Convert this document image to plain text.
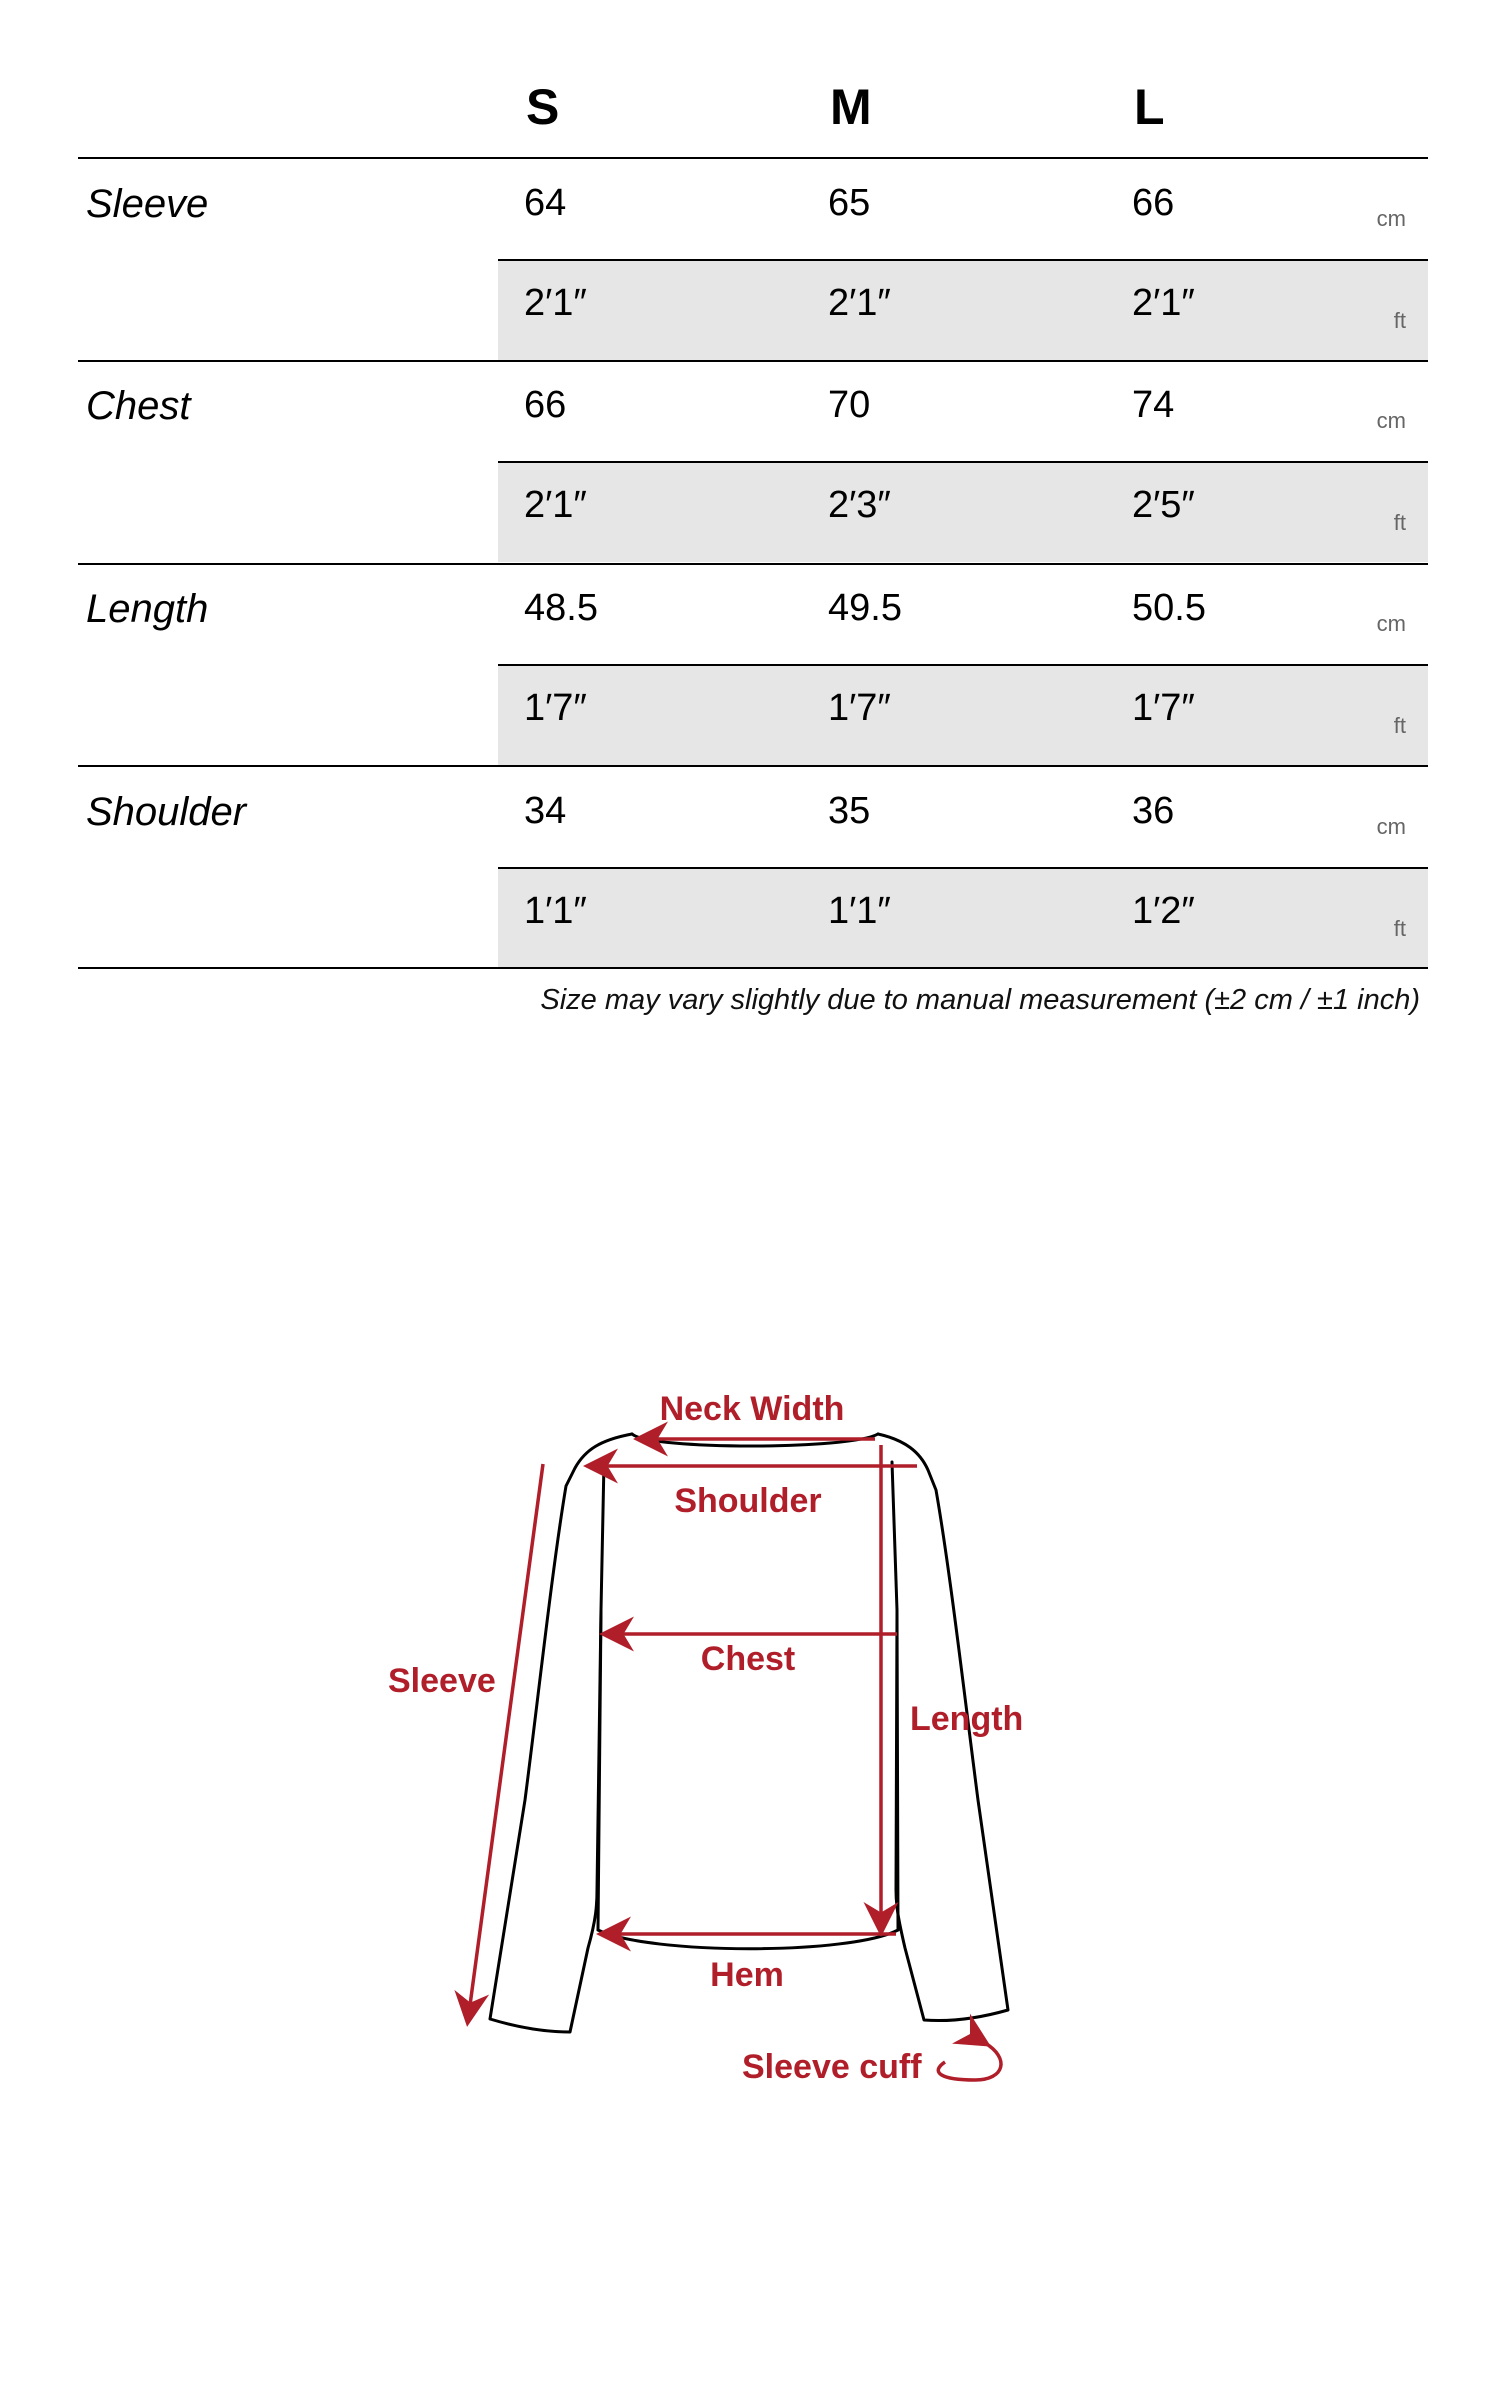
S	M	L
Sleeve	64	65	66	cm
2′1″	2′1″	2′1″	ft
Chest	66	70	74	cm
2′1″	2′3″	2′5″	ft
Length	48.5	49.5	50.5	cm
1′7″	1′7″	1′7″	ft
Shoulder	34	35	36	cm
1′1″	1′1″	1′2″	ft
Size may vary slightly due to manual measurement (±2 cm / ±1 inch)
Neck Width
Shoulder
Chest
Length
Sleeve
Hem
Sleeve cuff
